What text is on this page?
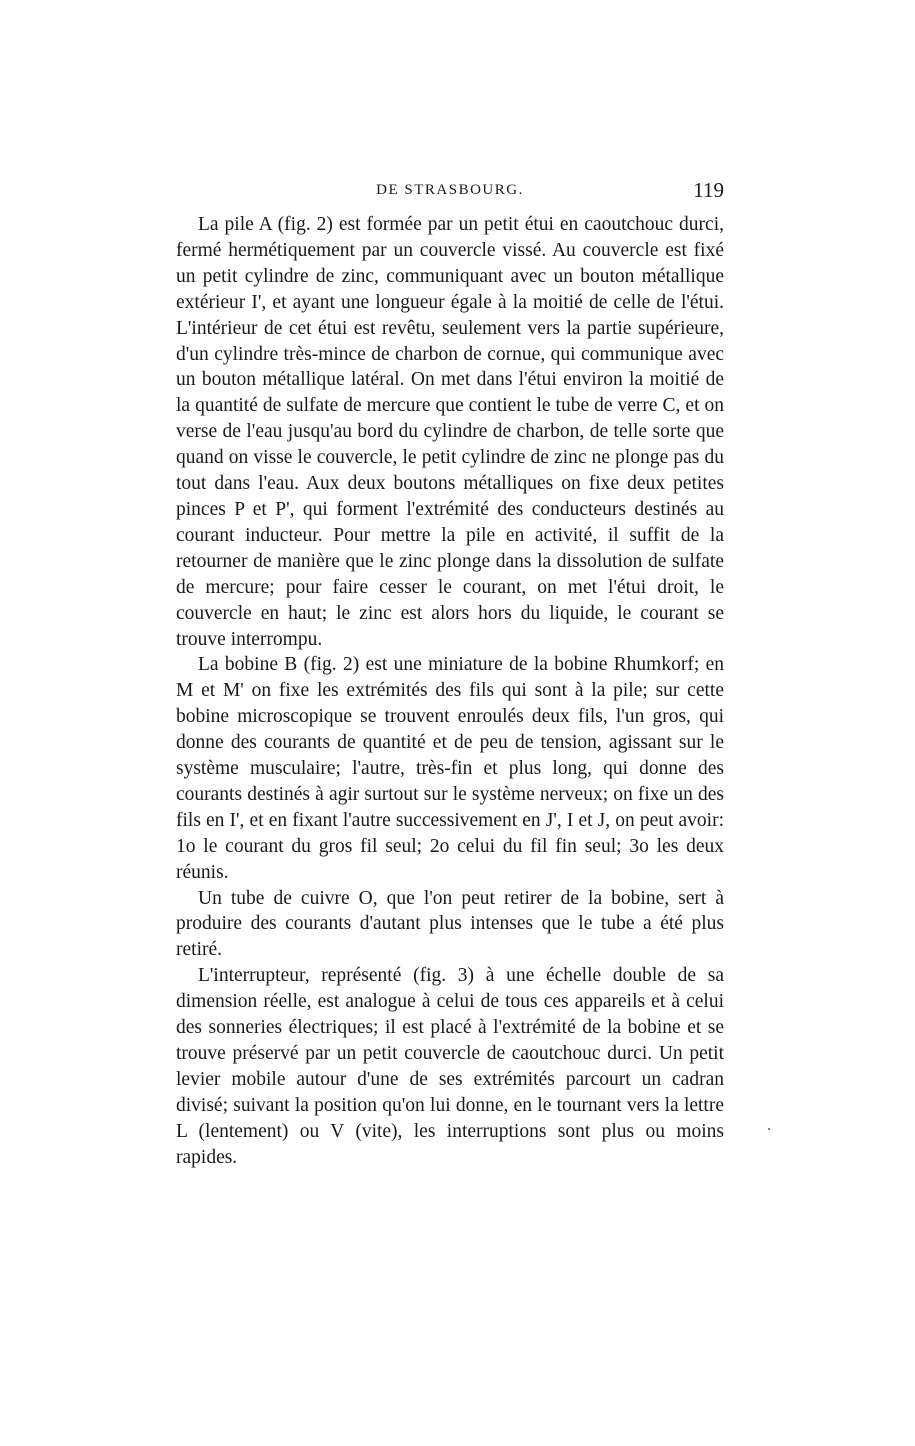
DE STRASBOURG.	119

La pile A (fig. 2) est formée par un petit étui en caoutchouc durci, fermé hermétiquement par un couvercle vissé. Au couvercle est fixé un petit cylindre de zinc, communiquant avec un bouton métallique extérieur I', et ayant une longueur égale à la moitié de celle de l'étui. L'intérieur de cet étui est revêtu, seulement vers la partie supérieure, d'un cylindre très-mince de charbon de cornue, qui communique avec un bouton métallique latéral. On met dans l'étui environ la moitié de la quantité de sulfate de mercure que contient le tube de verre C, et on verse de l'eau jusqu'au bord du cylindre de charbon, de telle sorte que quand on visse le couvercle, le petit cylindre de zinc ne plonge pas du tout dans l'eau. Aux deux boutons métalliques on fixe deux petites pinces P et P', qui forment l'extrémité des conducteurs destinés au courant inducteur. Pour mettre la pile en activité, il suffit de la retourner de manière que le zinc plonge dans la dissolution de sulfate de mercure; pour faire cesser le courant, on met l'étui droit, le couvercle en haut; le zinc est alors hors du liquide, le courant se trouve interrompu.

La bobine B (fig. 2) est une miniature de la bobine Rhumkorf; en M et M' on fixe les extrémités des fils qui sont à la pile; sur cette bobine microscopique se trouvent enroulés deux fils, l'un gros, qui donne des courants de quantité et de peu de tension, agissant sur le système musculaire; l'autre, très-fin et plus long, qui donne des courants destinés à agir surtout sur le système nerveux; on fixe un des fils en I', et en fixant l'autre successivement en J', I et J, on peut avoir: 1o le courant du gros fil seul; 2o celui du fil fin seul; 3o les deux réunis.

Un tube de cuivre O, que l'on peut retirer de la bobine, sert à produire des courants d'autant plus intenses que le tube a été plus retiré.

L'interrupteur, représenté (fig. 3) à une échelle double de sa dimension réelle, est analogue à celui de tous ces appareils et à celui des sonneries électriques; il est placé à l'extrémité de la bobine et se trouve préservé par un petit couvercle de caoutchouc durci. Un petit levier mobile autour d'une de ses extrémités parcourt un cadran divisé; suivant la position qu'on lui donne, en le tournant vers la lettre L (lentement) ou V (vite), les interruptions sont plus ou moins rapides.
